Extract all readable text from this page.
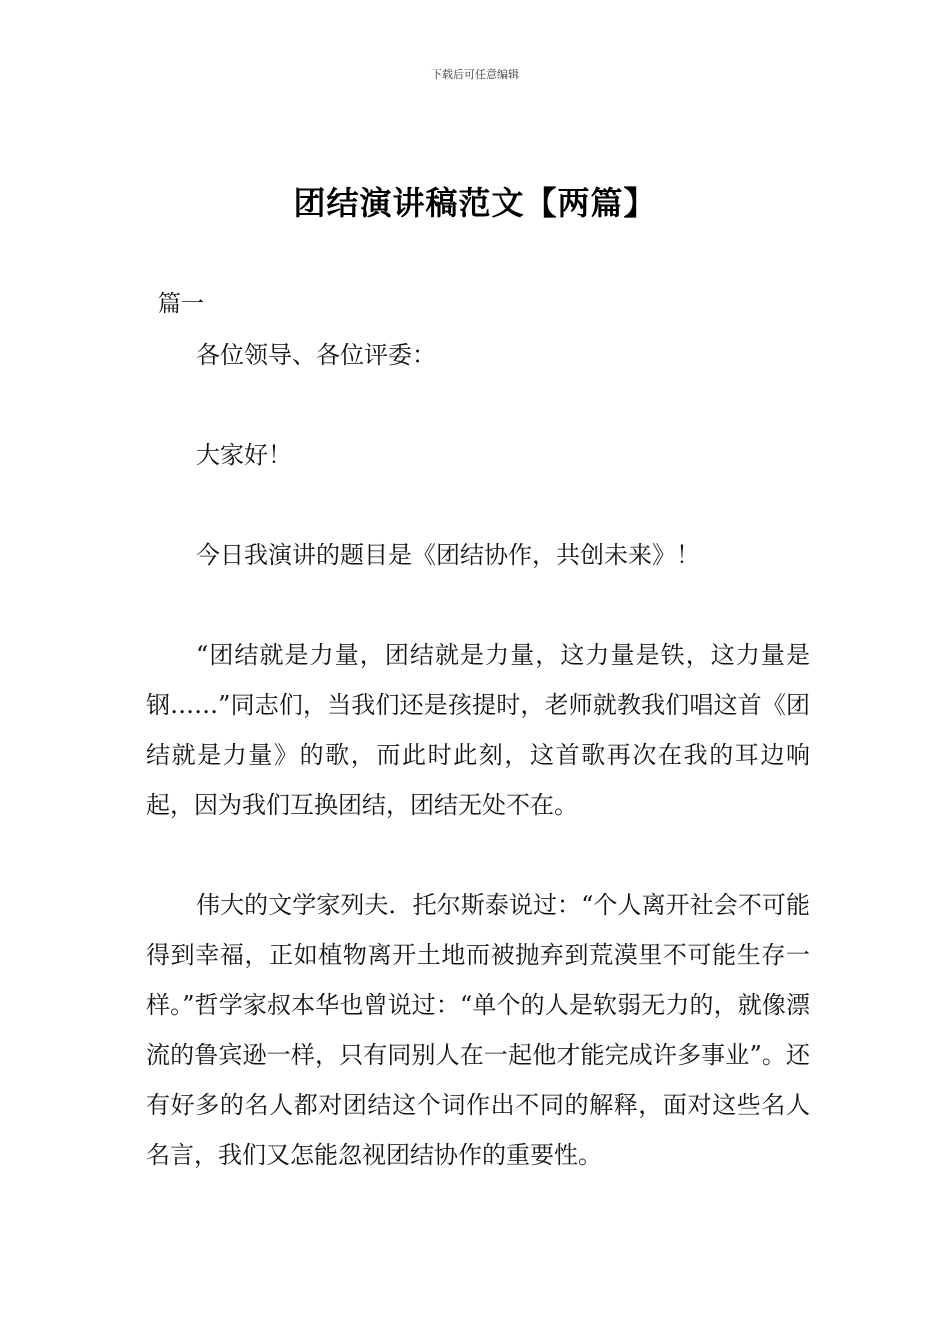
下载后可任意编辑
团结演讲稿范文【两篇】
篇一

各位领导、各位评委：

大家好！

今日我演讲的题目是《团结协作，共创未来》！

“团结就是力量，团结就是力量，这力量是铁，这力量是钢……”同志们，当我们还是孩提时，老师就教我们唱这首《团结就是力量》的歌，而此时此刻，这首歌再次在我的耳边响起，因为我们互换团结，团结无处不在。

伟大的文学家列夫．托尔斯泰说过：“个人离开社会不可能得到幸福，正如植物离开土地而被抛弃到荒漠里不可能生存一样。”哲学家叔本华也曾说过：“单个的人是软弱无力的，就像漂流的鲁宾逊一样，只有同别人在一起他才能完成许多事业”。还有好多的名人都对团结这个词作出不同的解释，面对这些名人名言，我们又怎能忽视团结协作的重要性。
